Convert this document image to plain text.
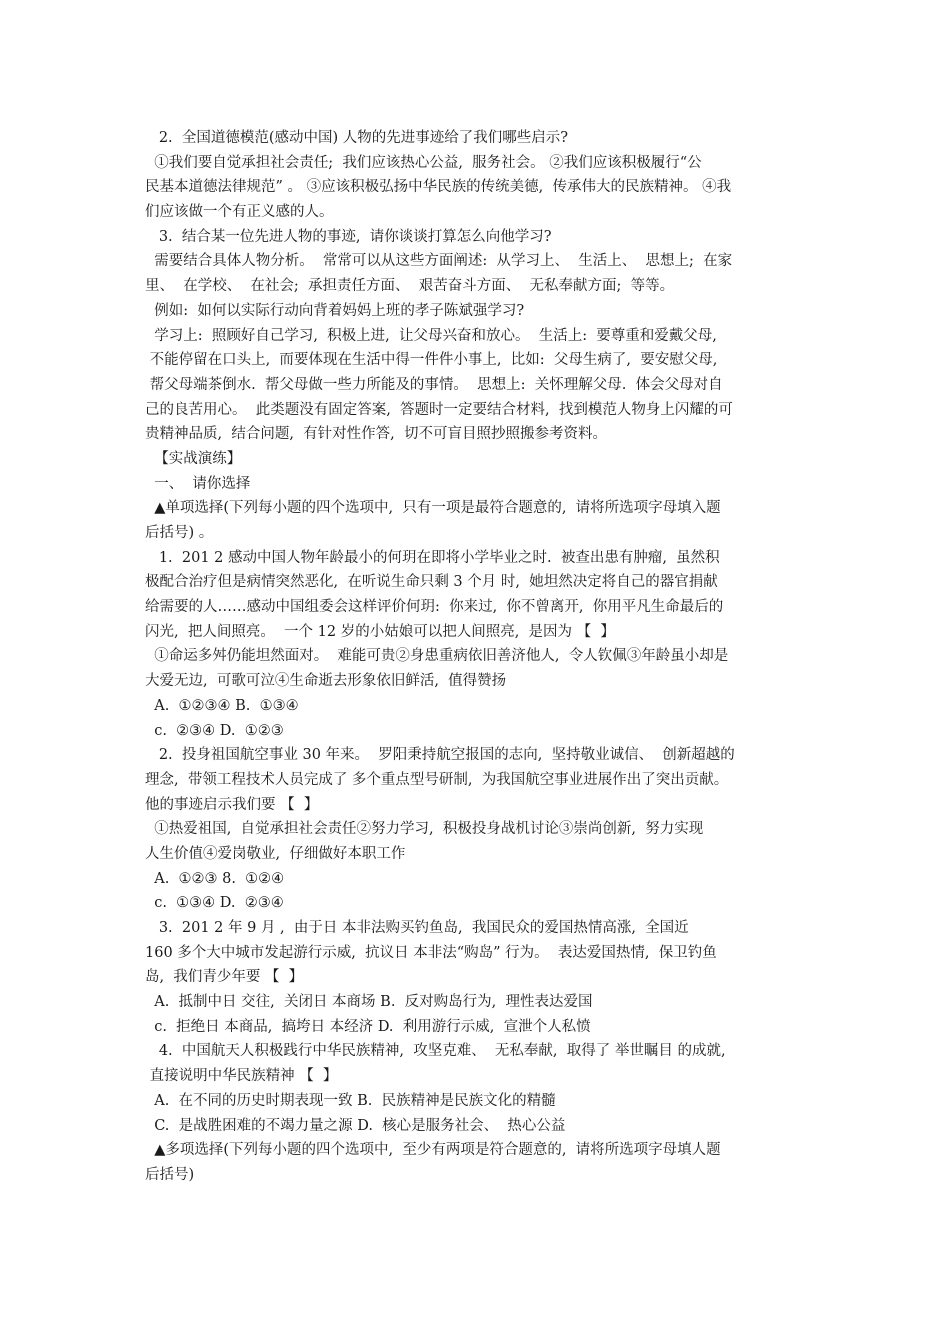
2.  全国道德模范(感动中国) 人物的先进事迹给了我们哪些启示?
①我们要自觉承担社会责任;  我们应该热心公益,  服务社会。 ②我们应该积极履行“公
民基本道德法律规范” 。 ③应该积极弘扬中华民族的传统美德,  传承伟大的民族精神。 ④我
们应该做一个有正义感的人。
3.  结合某一位先进人物的事迹,  请你谈谈打算怎么向他学习?
需要结合具体人物分析。  常常可以从这些方面阐述:  从学习上、  生活上、  思想上;  在家
里、  在学校、  在社会;  承担责任方面、  艰苦奋斗方面、  无私奉献方面;  等等。
例如:  如何以实际行动向背着妈妈上班的孝子陈斌强学习?
学习上:  照顾好自己学习,  积极上进,  让父母兴奋和放心。  生活上:  要尊重和爱戴父母,
不能停留在口头上,  而要体现在生活中得一件件小事上,  比如:  父母生病了,  要安慰父母,
帮父母端茶倒水.  帮父母做一些力所能及的事情。  思想上:  关怀理解父母.  体会父母对自
己的良苦用心。  此类题没有固定答案,  答题时一定要结合材料,  找到模范人物身上闪耀的可
贵精神品质,  结合问题,  有针对性作答,  切不可盲目照抄照搬参考资料。
【实战演练】
一、  请你选择
▲单项选择(下列每小题的四个选项中,  只有一项是最符合题意的,  请将所选项字母填入题
后括号) 。
1.  201 2 感动中国人物年龄最小的何玥在即将小学毕业之时.  被查出患有肿瘤,  虽然积
极配合治疗但是病情突然恶化,  在听说生命只剩 3 个月 时,  她坦然决定将自己的器官捐献
给需要的人……感动中国组委会这样评价何玥:  你来过,  你不曾离开,  你用平凡生命最后的
闪光,  把人间照亮。  一个 12 岁的小姑娘可以把人间照亮,  是因为 【  】
①命运多舛仍能坦然面对。  难能可贵②身患重病依旧善济他人,  令人钦佩③年龄虽小却是
大爱无边,  可歌可泣④生命逝去形象依旧鲜活,  值得赞扬
A.  ①②③④ B.  ①③④
c.  ②③④ D.  ①②③
2.  投身祖国航空事业 30 年来。  罗阳秉持航空报国的志向,  坚持敬业诚信、  创新超越的
理念,  带领工程技术人员完成了 多个重点型号研制,  为我国航空事业进展作出了突出贡献。
他的事迹启示我们要 【  】
①热爱祖国,  自觉承担社会责任②努力学习,  积极投身战机讨论③崇尚创新,  努力实现
人生价值④爱岗敬业,  仔细做好本职工作
A.  ①②③ 8.  ①②④
c.  ①③④ D.  ②③④
3.  201 2 年 9 月 ,  由于日 本非法购买钓鱼岛,  我国民众的爱国热情高涨,  全国近
160 多个大中城市发起游行示威,  抗议日 本非法“购岛” 行为。  表达爱国热情,  保卫钓鱼
岛,  我们青少年要 【  】
A.  抵制中日 交往,  关闭日 本商场 B.  反对购岛行为,  理性表达爱国
c.  拒绝日 本商品,  搞垮日 本经济 D.  利用游行示威,  宣泄个人私愤
4.  中国航天人积极践行中华民族精神,  攻坚克难、  无私奉献,  取得了 举世瞩目 的成就,
直接说明中华民族精神 【  】
A.  在不同的历史时期表现一致 B.  民族精神是民族文化的精髓
C.  是战胜困难的不竭力量之源 D.  核心是服务社会、  热心公益
▲多项选择(下列每小题的四个选项中,  至少有两项是符合题意的,  请将所选项字母填人题
后括号)
